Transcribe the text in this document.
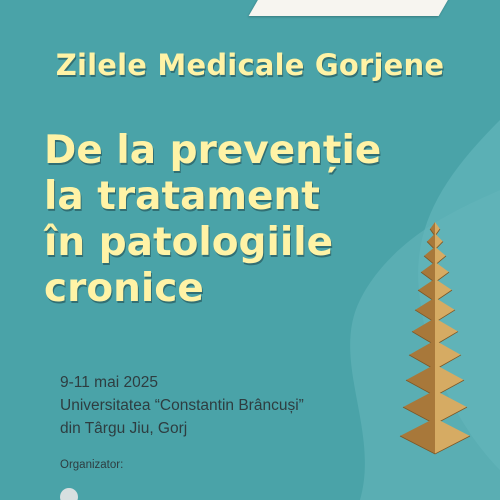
Zilele Medicale Gorjene
De la prevenție
la tratament
în patologiile
cronice
9-11 mai 2025
Universitatea “Constantin Brâncuși”
din Târgu Jiu, Gorj
Organizator:
